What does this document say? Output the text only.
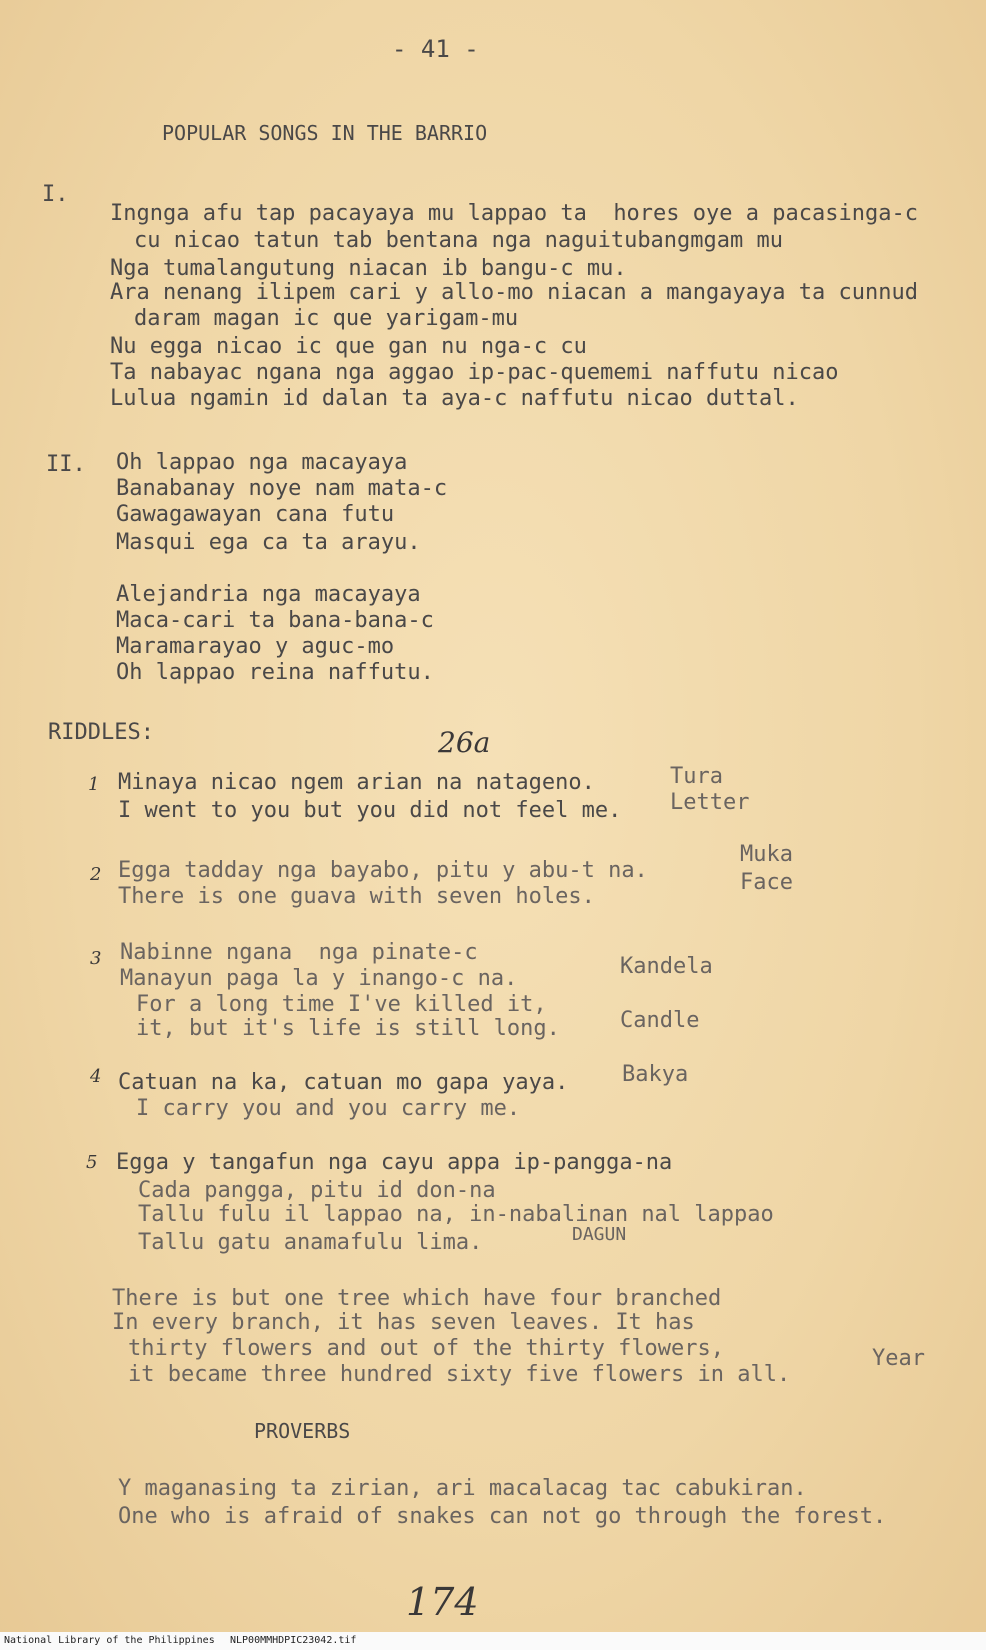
- 41 -
POPULAR SONGS IN THE BARRIO
I.
Ingnga afu tap pacayaya mu lappao ta  hores oye a pacasinga-c
cu nicao tatun tab bentana nga naguitubangmgam mu
Nga tumalangutung niacan ib bangu-c mu.
Ara nenang ilipem cari y allo-mo niacan a mangayaya ta cunnud
daram magan ic que yarigam-mu
Nu egga nicao ic que gan nu nga-c cu
Ta nabayac ngana nga aggao ip-pac-quememi naffutu nicao
Lulua ngamin id dalan ta aya-c naffutu nicao duttal.
II. Oh lappao nga macayaya
Banabanay noye nam mata-c
Gawagawayan cana futu
Masqui ega ca ta arayu.
Alejandria nga macayaya
Maca-cari ta bana-bana-c
Maramarayao y aguc-mo
Oh lappao reina naffutu.
RIDDLES:	26a
1 Minaya nicao ngem arian na natageno.
I went to you but you did not feel me.
Tura
Letter
2 Egga tadday nga bayabo, pitu y abu-t na.
There is one guava with seven holes.
Muka
Face
3 Nabinne ngana  nga pinate-c
Manayun paga la y inango-c na.
For a long time I've killed it,
it, but it's life is still long.
Kandela
Candle
4 Catuan na ka, catuan mo gapa yaya.
I carry you and you carry me.
Bakya
5 Egga y tangafun nga cayu appa ip-pangga-na
Cada pangga, pitu id don-na
Tallu fulu il lappao na, in-nabalinan nal lappao
Tallu gatu anamafulu lima.	DAGUN
There is but one tree which have four branched
In every branch, it has seven leaves. It has
thirty flowers and out of the thirty flowers,
it became three hundred sixty five flowers in all.
Year
PROVERBS
Y maganasing ta zirian, ari macalacag tac cabukiran.
One who is afraid of snakes can not go through the forest.
174
National Library of the Philippines NLP00MMHDPIC23042.tif
